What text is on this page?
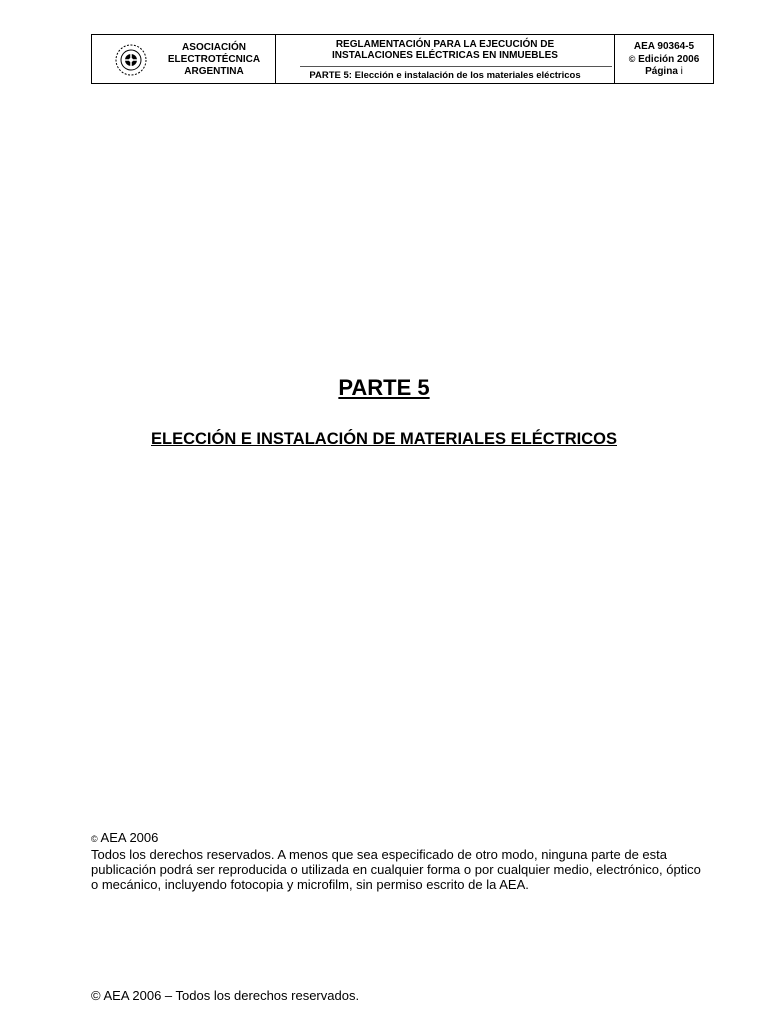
ASOCIACIÓN
ELECTROTÉCNICA
ARGENTINA
REGLAMENTACIÓN PARA LA EJECUCIÓN DE
INSTALACIONES ELÉCTRICAS EN INMUEBLES
PARTE 5: Elección e instalación de los materiales eléctricos
AEA 90364-5
© Edición 2006
Página i
PARTE 5
ELECCIÓN E INSTALACIÓN DE MATERIALES ELÉCTRICOS
© AEA 2006
Todos los derechos reservados. A menos que sea especificado de otro modo, ninguna parte de esta publicación podrá ser reproducida o utilizada en cualquier forma o por cualquier medio, electrónico, óptico o mecánico, incluyendo fotocopia y microfilm, sin permiso escrito de la AEA.
© AEA 2006 – Todos los derechos reservados.
